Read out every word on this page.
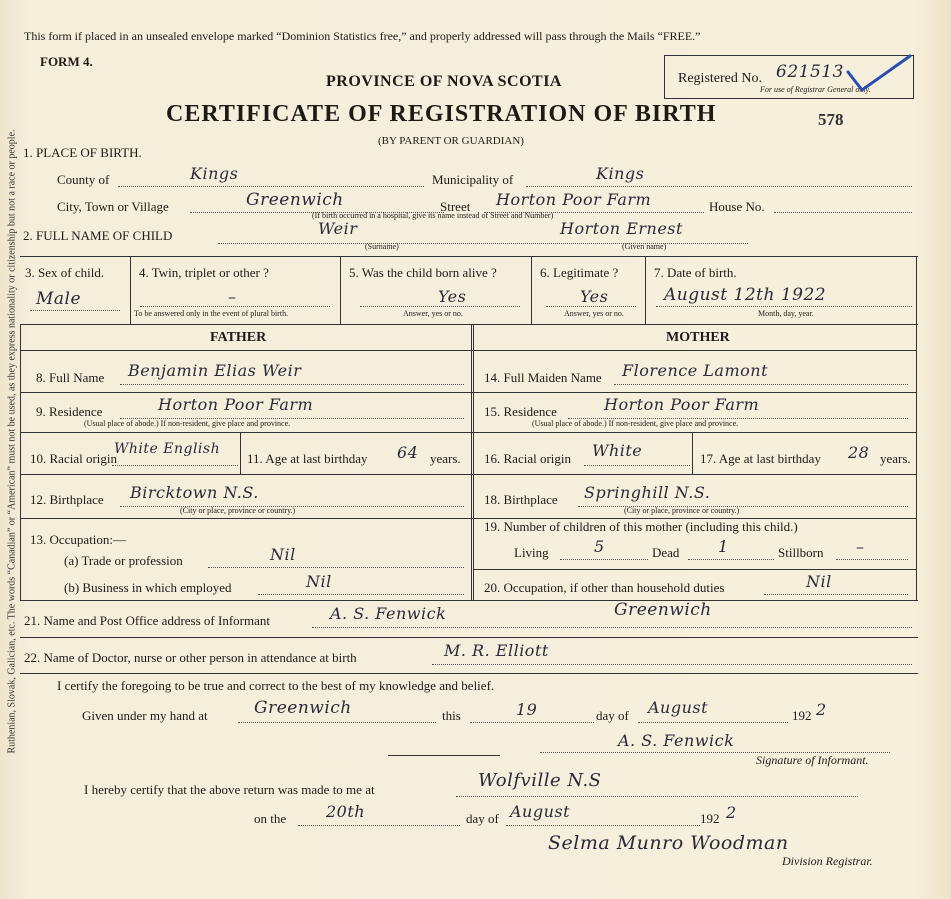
Ruthenian, Slovak, Galician, etc. The words “Canadian” or “American” must not be used, as they express nationality or citizenship but not a race or people.
This form if placed in an unsealed envelope marked “Dominion Statistics free,” and properly addressed will pass through the Mails “FREE.”
FORM 4.
PROVINCE OF NOVA SCOTIA
CERTIFICATE OF REGISTRATION OF BIRTH
(BY PARENT OR GUARDIAN)
Registered No. 621513
For use of Registrar General only.
578
1. PLACE OF BIRTH.
County of	Kings	Municipality of	Kings
City, Town or Village	Greenwich	Street Horton Poor Farm	House No.
(If birth occurred in a hospital, give its name instead of Street and Number)
2. FULL NAME OF CHILD	Weir
(Surname)
Horton Ernest
(Given name)
3. Sex of child.
Male
4. Twin, triplet or other ?
–
To be answered only in the event of plural birth.
5. Was the child born alive ?
Yes
Answer, yes or no.
6. Legitimate ?
Yes
Answer, yes or no.
7. Date of birth.
August 12th 1922
Month, day, year.
FATHER	MOTHER
8. Full Name Benjamin Elias Weir
9. Residence	Horton Poor Farm
(Usual place of abode.) If non-resident, give place and province.
10. Racial origin
White English
11. Age at last birthday 64 years.
12. Birthplace Bircktown N.S.
(City or place, province or country.)
13. Occupation:—
(a) Trade or profession	Nil
(b) Business in which employed	Nil
14. Full Maiden Name Florence Lamont
15. Residence	Horton Poor Farm
(Usual place of abode.) If non-resident, give place and province.
16. Racial origin White	17. Age at last birthday 28 years.
18. Birthplace Springhill N.S.
(City or place, province or country.)
19. Number of children of this mother (including this child.)
Living	5	Dead 1	Stillborn –
20. Occupation, if other than household duties	Nil
21. Name and Post Office address of Informant	A. S. Fenwick	Greenwich
22. Name of Doctor, nurse or other person in attendance at birth	M. R. Elliott
I certify the foregoing to be true and correct to the best of my knowledge and belief.
Given under my hand at	Greenwich	this	19	day of August	192 2
A. S. Fenwick
Signature of Informant.
I hereby certify that the above return was made to me at	Wolfville N.S
on the 20th	day of August	192 2
Selma Munro Woodman
Division Registrar.
